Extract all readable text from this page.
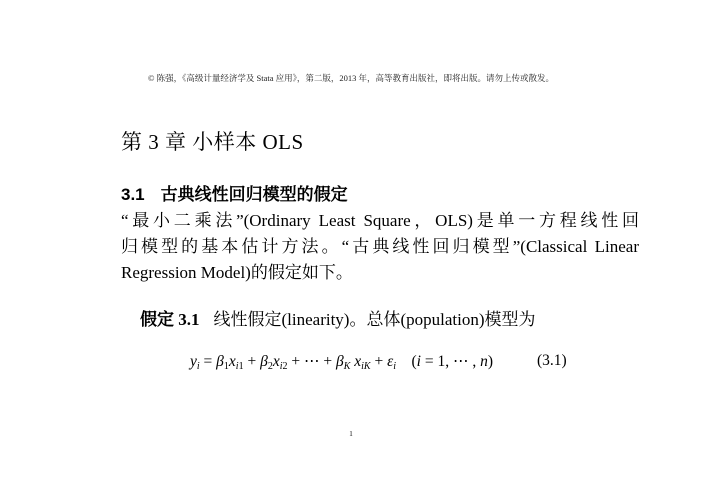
© 陈强，《高级计量经济学及 Stata 应用》，第二版，2013 年，高等教育出版社，即将出版。请勿上传或散发。
第 3 章 小样本 OLS
3.1 古典线性回归模型的假定
“最小二乘法”(Ordinary Least Square，OLS)是单一方程线性回
归模型的基本估计方法。“古典线性回归模型”(Classical Linear
Regression Model)的假定如下。
假定 3.1 线性假定(linearity)。总体(population)模型为
$y_i = \beta_1x_{i1} + \beta_2x_{i2}$ + ⋯ + $\beta_K$ $x_{iK} + \varepsilon_i$    (i = 1, ⋯ , n)	(3.1)
1
